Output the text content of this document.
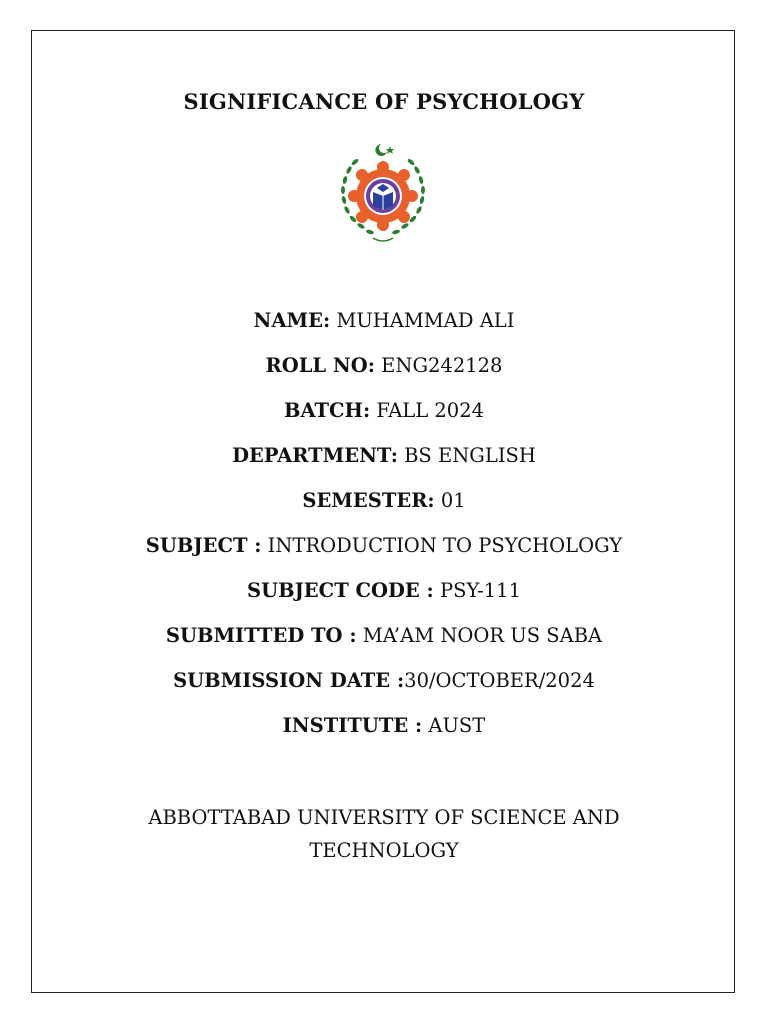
SIGNIFICANCE OF PSYCHOLOGY
NAME: MUHAMMAD ALI
ROLL NO: ENG242128
BATCH: FALL 2024
DEPARTMENT: BS ENGLISH
SEMESTER: 01
SUBJECT : INTRODUCTION TO PSYCHOLOGY
SUBJECT CODE : PSY-111
SUBMITTED TO : MA’AM NOOR US SABA
SUBMISSION DATE :30/OCTOBER/2024
INSTITUTE : AUST
ABBOTTABAD UNIVERSITY OF SCIENCE AND
TECHNOLOGY
